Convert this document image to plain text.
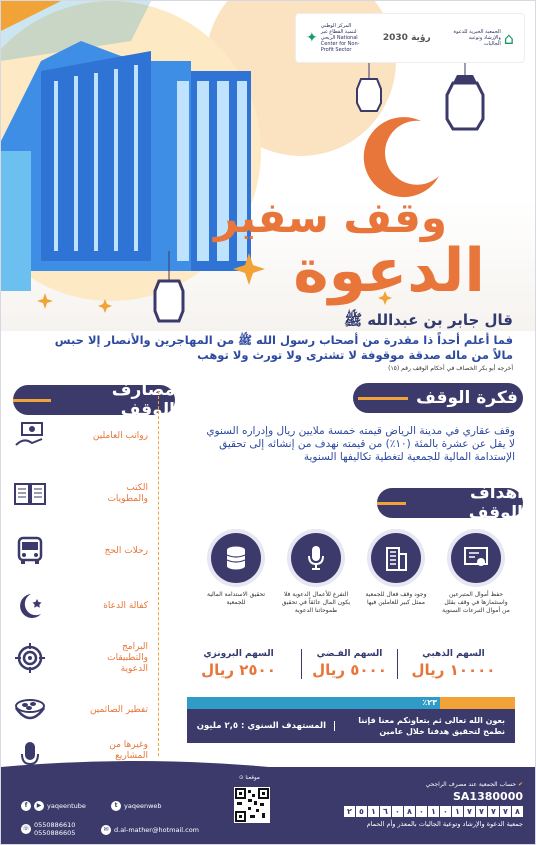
✦
المركز الوطني لتنمية القطاع غير الربحي National Center for Non-Profit Sector
رؤية 2030
الجمعية الخيرية للدعوة والإرشاد وتوعية الجاليات ⌂
وقف سفير
الدعوة
قال جابر بن عبدالله ﷺ
فما أعلم أحداً ذا مقدرة من أصحاب رسول الله ﷺ من المهاجرين والأنصار إلا حبس مالاً من ماله صدقة موقوفة لا تشترى ولا تورث ولا توهب
أخرجه أبو بكر الخصاف في أحكام الوقف رقم (١٥)
مصارف الوقف
رواتب العاملين
الكتب والمطويات
رحلات الحج
كفالة الدعاة
البرامج والتطبيقات الدعوية
تفطير الصائمين
وغيرها من المشاريع
فكرة الوقف
وقف عقاري في مدينة الرياض قيمته خمسة ملايين ريال وإدراره السنوي لا يقل عن عشرة بالمئة (١٠٪) من قيمته نهدف من إنشائه إلى تحقيق الإستدامة المالية للجمعية لتغطية تكاليفها السنوية
أهداف الوقف
حفظ أموال المتبرعين واستثمارها في وقف بقلل من أموال التبرعات السنوية
وجود وقف فعال للجمعية ممثل كبير للعاملين فيها
التفرغ للأعمال الدعوية فلا يكون المال عائقاً في تحقيق طموحاتنا الدعوية
تحقيق الاستدامة المالية للجمعية
السهم الذهبي
١٠٠٠٠ ريال
السهم الفـضي
٥٠٠٠ ريال
السهم البرونزي
٢٥٠٠ ريال
٪٢٣
بعون الله تعالى ثم بتعاونكم معنا فإننا نطمح لتحقيق هدفنا خلال عامين
المستهدف السنوي : ٢,٥ مليون
✔ حساب الجمعية عند مصرف الراجحي
SA1380000
٢ ٥ ١ ٦ ٠ ٨ ٠ ١ ٠ ١ ٧ ٧ ٧ ٧ ٨
جمعية الدعوة والإرشاد وتوعية الجاليات بالمعذر وأم الحمام
⊙ موقعنا
f	▶ yaqeentube	t	yaqeenweb
☏ 0550886610
0550886605	✉ d.al-mather@hotmail.com
